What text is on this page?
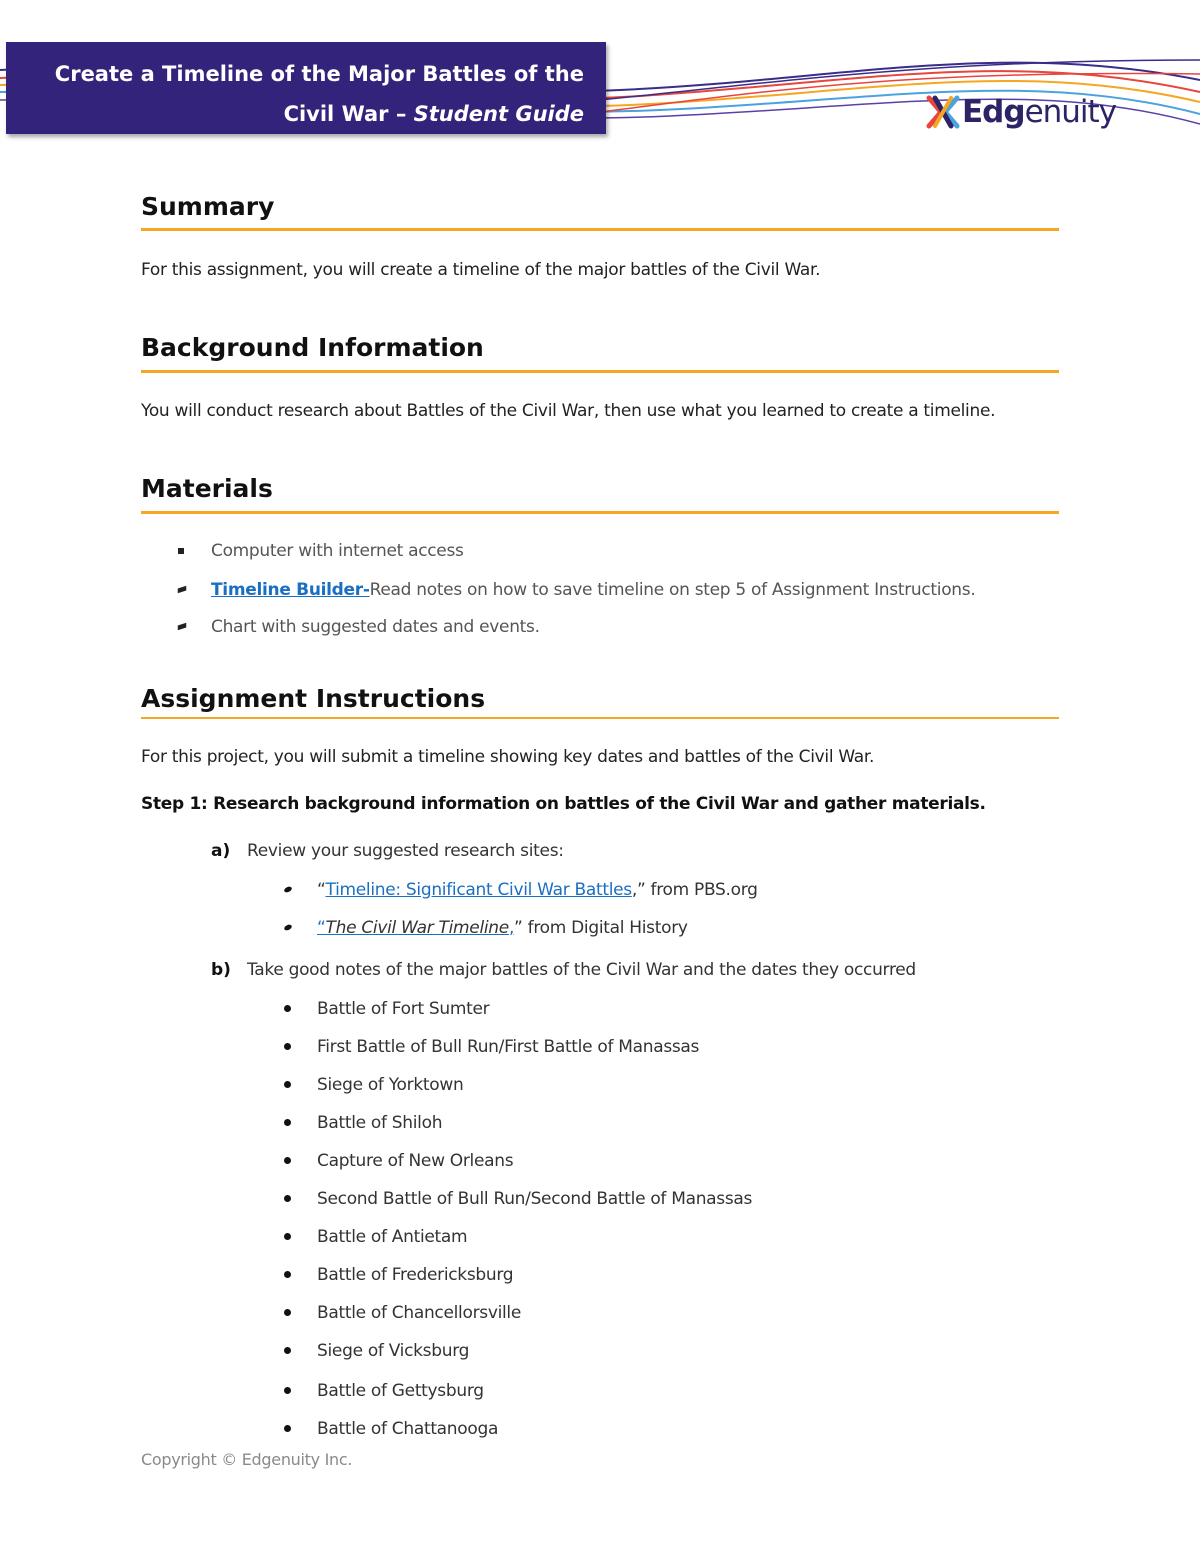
Create a Timeline of the Major Battles of the
Civil War – Student Guide	Edgenuity
Summary

For this assignment, you will create a timeline of the major battles of the Civil War.

Background Information

You will conduct research about Battles of the Civil War, then use what you learned to create a timeline.

Materials
Computer with internet access
Timeline Builder-Read notes on how to save timeline on step 5 of Assignment Instructions.
Chart with suggested dates and events.
Assignment Instructions

For this project, you will submit a timeline showing key dates and battles of the Civil War.

Step 1: Research background information on battles of the Civil War and gather materials.

a) Review your suggested research sites:
“Timeline: Significant Civil War Battles,” from PBS.org
“The Civil War Timeline,” from Digital History
b) Take good notes of the major battles of the Civil War and the dates they occurred
Battle of Fort Sumter
First Battle of Bull Run/First Battle of Manassas
Siege of Yorktown
Battle of Shiloh
Capture of New Orleans
Second Battle of Bull Run/Second Battle of Manassas
Battle of Antietam
Battle of Fredericksburg
Battle of Chancellorsville
Siege of Vicksburg
Battle of Gettysburg
Battle of Chattanooga
Copyright © Edgenuity Inc.
